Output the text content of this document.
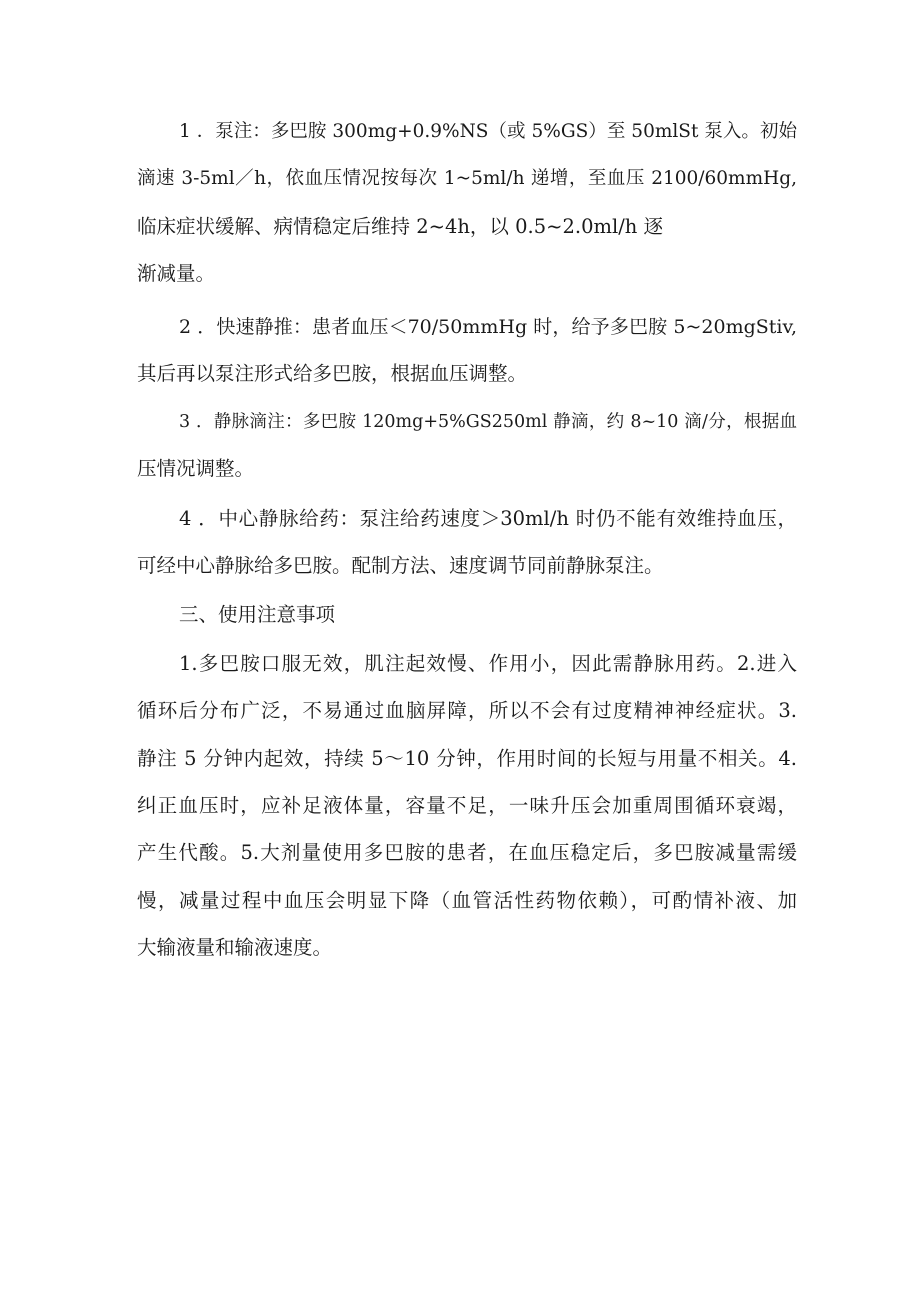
1 ．泵注：多巴胺 300mg+0.9%NS（或 5%GS）至 50mlSt 泵入。初始
滴速 3-5ml／h，依血压情况按每次 1~5ml/h 递增，至血压 2100/60mmHg,
临床症状缓解、病情稳定后维持 2~4h，以 0.5~2.0ml/h 逐
渐减量。
2 ．快速静推：患者血压＜70/50mmHg 时，给予多巴胺 5~20mgStiv,
其后再以泵注形式给多巴胺，根据血压调整。
3 ．静脉滴注：多巴胺 120mg+5%GS250ml 静滴，约 8~10 滴/分，根据血
压情况调整。
4 ．中心静脉给药：泵注给药速度＞30ml/h 时仍不能有效维持血压，
可经中心静脉给多巴胺。配制方法、速度调节同前静脉泵注。
三、使用注意事项
1.多巴胺口服无效，肌注起效慢、作用小，因此需静脉用药。2.进入
循环后分布广泛，不易通过血脑屏障，所以不会有过度精神神经症状。3.
静注 5 分钟内起效，持续 5～10 分钟，作用时间的长短与用量不相关。4.
纠正血压时，应补足液体量，容量不足，一味升压会加重周围循环衰竭，
产生代酸。5.大剂量使用多巴胺的患者，在血压稳定后，多巴胺减量需缓
慢，减量过程中血压会明显下降（血管活性药物依赖），可酌情补液、加
大输液量和输液速度。
